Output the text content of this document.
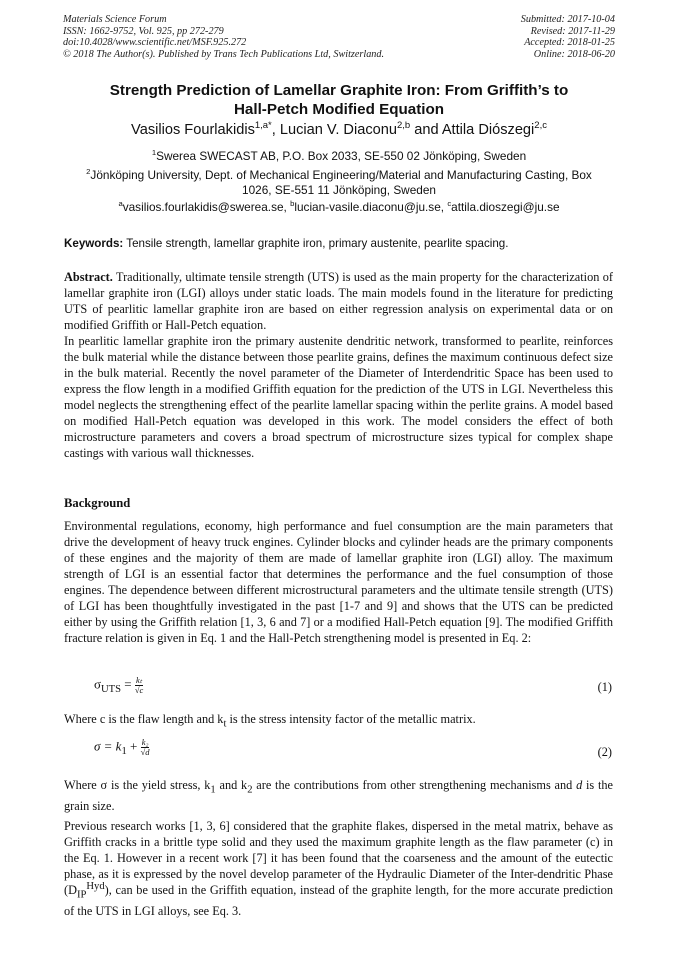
Materials Science Forum
ISSN: 1662-9752, Vol. 925, pp 272-279
doi:10.4028/www.scientific.net/MSF.925.272
© 2018 The Author(s). Published by Trans Tech Publications Ltd, Switzerland.
Submitted: 2017-10-04
Revised: 2017-11-29
Accepted: 2018-01-25
Online: 2018-06-20
Strength Prediction of Lamellar Graphite Iron: From Griffith’s to
Hall-Petch Modified Equation
Vasilios Fourlakidis$^{1,a*}$, Lucian V. Diaconu$^{2,b}$ and Attila Diószegi$^{2,c}$
$^1$Swerea SWECAST AB, P.O. Box 2033, SE-550 02 Jönköping, Sweden
$^2$Jönköping University, Dept. of Mechanical Engineering/Material and Manufacturing Casting, Box
1026, SE-551 11 Jönköping, Sweden
$^a$vasilios.fourlakidis@swerea.se, $^b$lucian-vasile.diaconu@ju.se, $^c$attila.dioszegi@ju.se
Keywords: Tensile strength, lamellar graphite iron, primary austenite, pearlite spacing.
Abstract. Traditionally, ultimate tensile strength (UTS) is used as the main property for the characterization of lamellar graphite iron (LGI) alloys under static loads. The main models found in the literature for predicting UTS of pearlitic lamellar graphite iron are based on either regression analysis on experimental data or on modified Griffith or Hall-Petch equation.
In pearlitic lamellar graphite iron the primary austenite dendritic network, transformed to pearlite, reinforces the bulk material while the distance between those pearlite grains, defines the maximum continuous defect size in the bulk material. Recently the novel parameter of the Diameter of Interdendritic Space has been used to express the flow length in a modified Griffith equation for the prediction of the UTS in LGI. Nevertheless this model neglects the strengthening effect of the pearlite lamellar spacing within the perlite grains. A model based on modified Hall-Petch equation was developed in this work. The model considers the effect of both microstructure parameters and covers a broad spectrum of microstructure sizes typical for complex shape castings with various wall thicknesses.
Background
Environmental regulations, economy, high performance and fuel consumption are the main parameters that drive the development of heavy truck engines. Cylinder blocks and cylinder heads are the primary components of these engines and the majority of them are made of lamellar graphite iron (LGI) alloy. The maximum strength of LGI is an essential factor that determines the performance and the fuel consumption of those engines. The dependence between different microstructural parameters and the ultimate tensile strength (UTS) of LGI has been thoughtfully investigated in the past [1-7 and 9] and shows that the UTS can be predicted either by using the Griffith relation [1, 3, 6 and 7] or a modified Hall-Petch equation [9]. The modified Griffith fracture relation is given in Eq. 1 and the Hall-Petch strengthening model is presented in Eq. 2:
$\sigma_{UTS} = \frac{\text{kₜ}}{√c}$	(1)
Where c is the flaw length and $k_t$ is the stress intensity factor of the metallic matrix.
$\sigma = k_1 + \frac{\text{k₂}}{√d}$	(2)
Where σ is the yield stress, $k_1$ and $k_2$ are the contributions from other strengthening mechanisms and d is the grain size.
Previous research works [1, 3, 6] considered that the graphite flakes, dispersed in the metal matrix, behave as Griffith cracks in a brittle type solid and they used the maximum graphite length as the flaw parameter (c) in the Eq. 1. However in a recent work [7] it has been found that the coarseness and the amount of the eutectic phase, as it is expressed by the novel develop parameter of the Hydraulic Diameter of the Inter-dendritic Phase $(D_{IP}^{Hyd})$, can be used in the Griffith equation, instead of the graphite length, for the more accurate prediction of the UTS in LGI alloys, see Eq. 3.
